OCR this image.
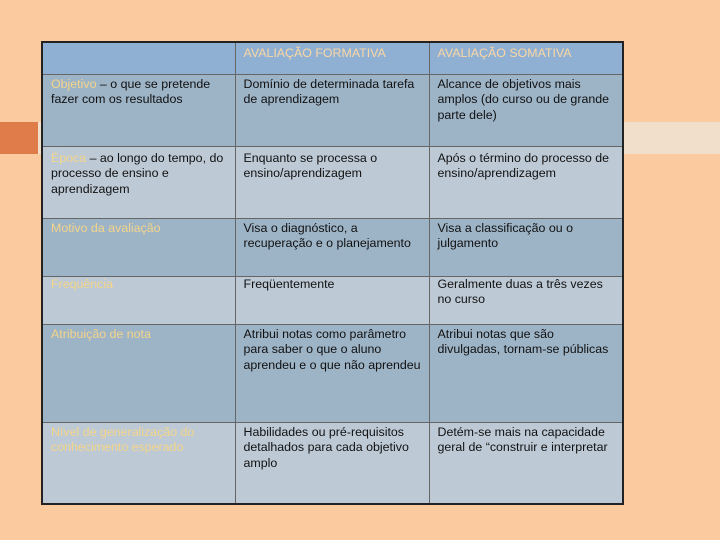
	AVALIAÇÃO FORMATIVA	AVALIAÇÃO SOMATIVA
Objetivo – o que se pretende fazer com os resultados	Domínio de determinada tarefa de aprendizagem	Alcance de objetivos mais amplos (do curso ou de grande parte dele)
Época – ao longo do tempo, do processo de ensino e aprendizagem	Enquanto se processa o ensino/aprendizagem	Após o término do processo de ensino/aprendizagem
Motivo da avaliação	Visa o diagnóstico, a recuperação e o planejamento	Visa a classificação ou o julgamento
Frequência	Freqüentemente	Geralmente duas a três vezes no curso
Atribuição de nota	Atribui notas como parâmetro para saber o que o aluno aprendeu e o que não aprendeu	Atribui notas que são divulgadas, tornam-se públicas
Nível de generalização do conhecimento esperado	Habilidades ou pré-requisitos detalhados para cada objetivo amplo	Detém-se mais na capacidade geral de “construir e interpretar
